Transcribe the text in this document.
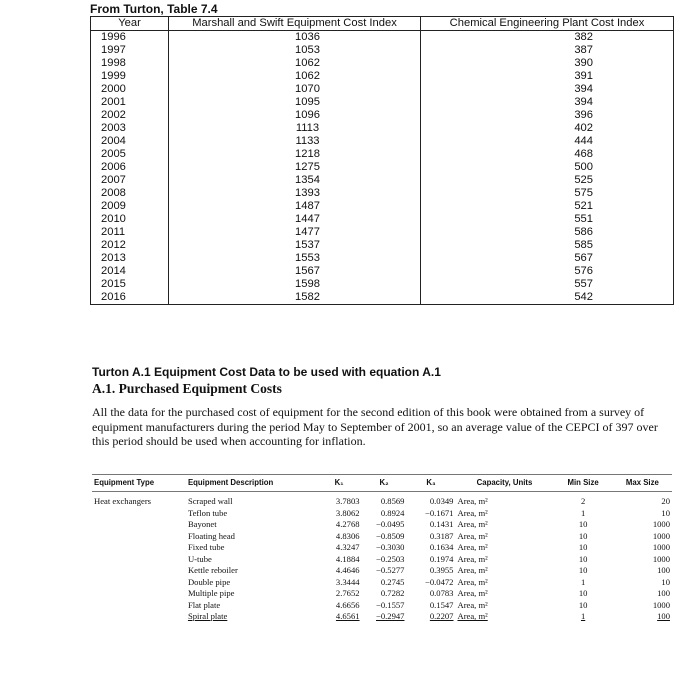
From Turton, Table 7.4
Year	Marshall and Swift Equipment Cost Index	Chemical Engineering Plant Cost Index
1996	1036	382
1997	1053	387
1998	1062	390
1999	1062	391
2000	1070	394
2001	1095	394
2002	1096	396
2003	1113	402
2004	1133	444
2005	1218	468
2006	1275	500
2007	1354	525
2008	1393	575
2009	1487	521
2010	1447	551
2011	1477	586
2012	1537	585
2013	1553	567
2014	1567	576
2015	1598	557
2016	1582	542
Turton A.1 Equipment Cost Data to be used with equation A.1
A.1. Purchased Equipment Costs
All the data for the purchased cost of equipment for the second edition of this book were obtained from a survey of equipment manufacturers during the period May to September of 2001, so an average value of the CEPCI of 397 over this period should be used when accounting for inflation.
Equipment Type	Equipment Description	K₁	K₂	K₃	Capacity, Units	Min Size	Max Size
Heat exchangers	Scraped wall	3.7803	0.8569	0.0349	Area, m²	2	20
	Teflon tube	3.8062	0.8924	−0.1671	Area, m²	1	10
	Bayonet	4.2768	−0.0495	0.1431	Area, m²	10	1000
	Floating head	4.8306	−0.8509	0.3187	Area, m²	10	1000
	Fixed tube	4.3247	−0.3030	0.1634	Area, m²	10	1000
	U-tube	4.1884	−0.2503	0.1974	Area, m²	10	1000
	Kettle reboiler	4.4646	−0.5277	0.3955	Area, m²	10	100
	Double pipe	3.3444	0.2745	−0.0472	Area, m²	1	10
	Multiple pipe	2.7652	0.7282	0.0783	Area, m²	10	100
	Flat plate	4.6656	−0.1557	0.1547	Area, m²	10	1000
	Spiral plate	4.6561	−0.2947	0.2207	Area, m²	1	100
